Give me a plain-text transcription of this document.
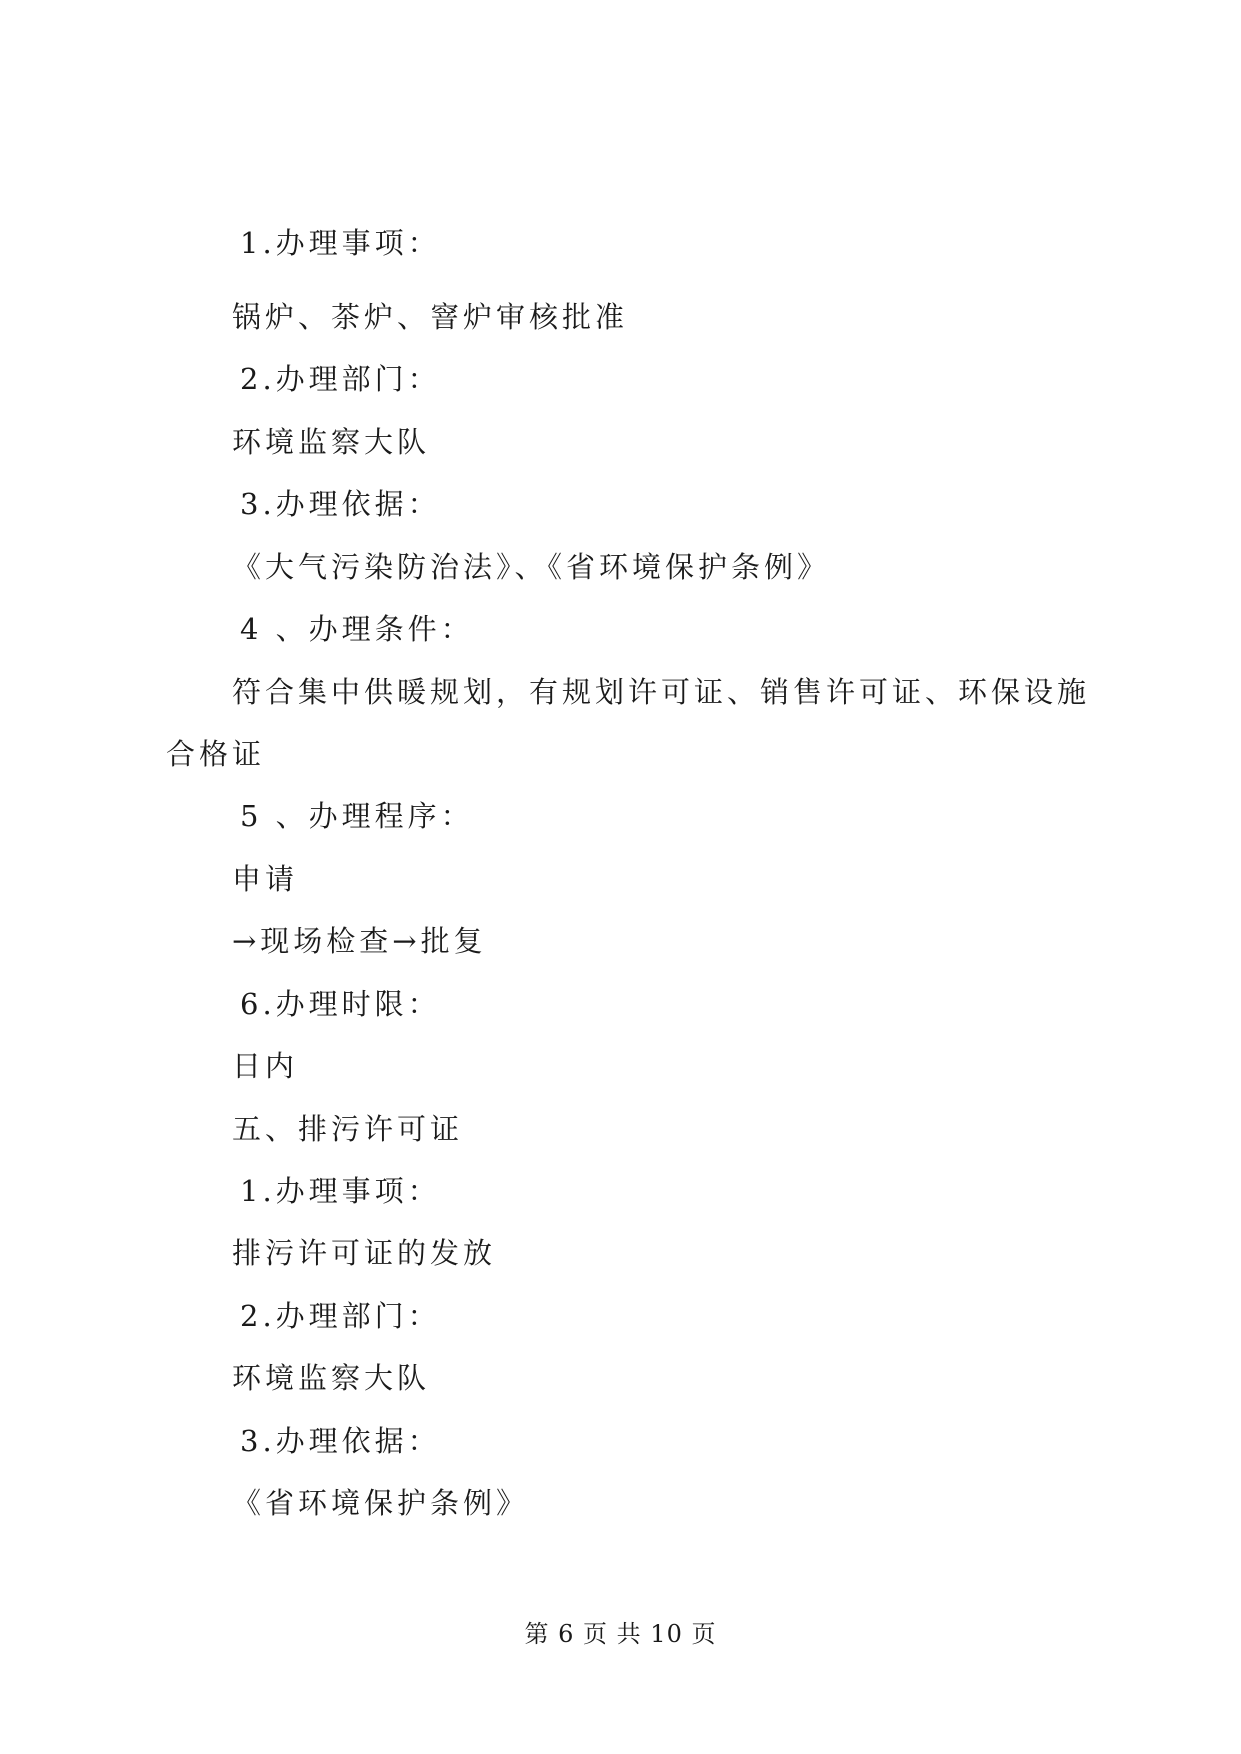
1.办理事项：
锅炉、茶炉、窨炉审核批准
2.办理部门：
环境监察大队
3.办理依据：
《大气污染防治法》、《省环境保护条例》
4 、办理条件：
符合集中供暖规划，有规划许可证、销售许可证、环保设施
合格证
5 、办理程序：
申请
→现场检查→批复
6.办理时限：
日内
五、排污许可证
1.办理事项：
排污许可证的发放
2.办理部门：
环境监察大队
3.办理依据：
《省环境保护条例》
第 6 页 共 10 页
